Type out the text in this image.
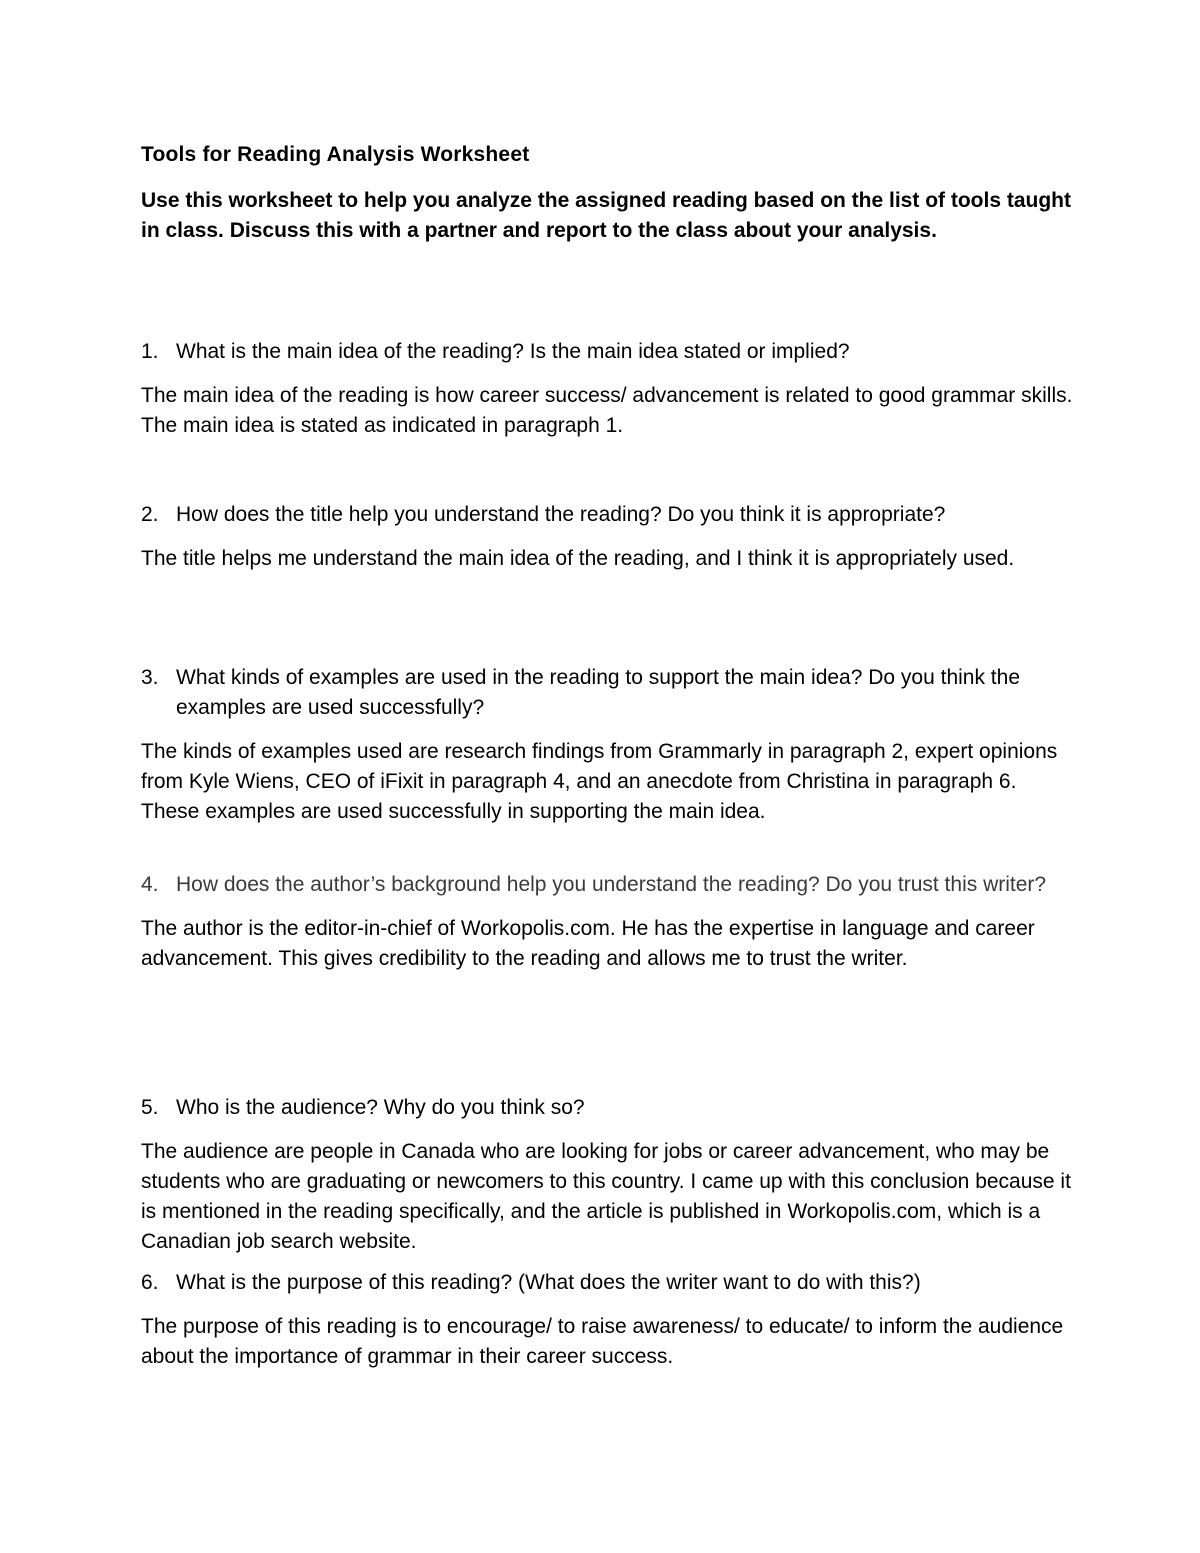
Tools for Reading Analysis Worksheet

Use this worksheet to help you analyze the assigned reading based on the list of tools taught in class. Discuss this with a partner and report to the class about your analysis.

1. What is the main idea of the reading? Is the main idea stated or implied?

The main idea of the reading is how career success/ advancement is related to good grammar skills. The main idea is stated as indicated in paragraph 1.

2. How does the title help you understand the reading? Do you think it is appropriate?

The title helps me understand the main idea of the reading, and I think it is appropriately used.

3. What kinds of examples are used in the reading to support the main idea? Do you think the examples are used successfully?

The kinds of examples used are research findings from Grammarly in paragraph 2, expert opinions from Kyle Wiens, CEO of iFixit in paragraph 4, and an anecdote from Christina in paragraph 6. These examples are used successfully in supporting the main idea.

4. How does the author’s background help you understand the reading? Do you trust this writer?

The author is the editor-in-chief of Workopolis.com. He has the expertise in language and career advancement. This gives credibility to the reading and allows me to trust the writer.

5. Who is the audience? Why do you think so?

The audience are people in Canada who are looking for jobs or career advancement, who may be students who are graduating or newcomers to this country. I came up with this conclusion because it is mentioned in the reading specifically, and the article is published in Workopolis.com, which is a Canadian job search website.

6. What is the purpose of this reading? (What does the writer want to do with this?)

The purpose of this reading is to encourage/ to raise awareness/ to educate/ to inform the audience about the importance of grammar in their career success.
